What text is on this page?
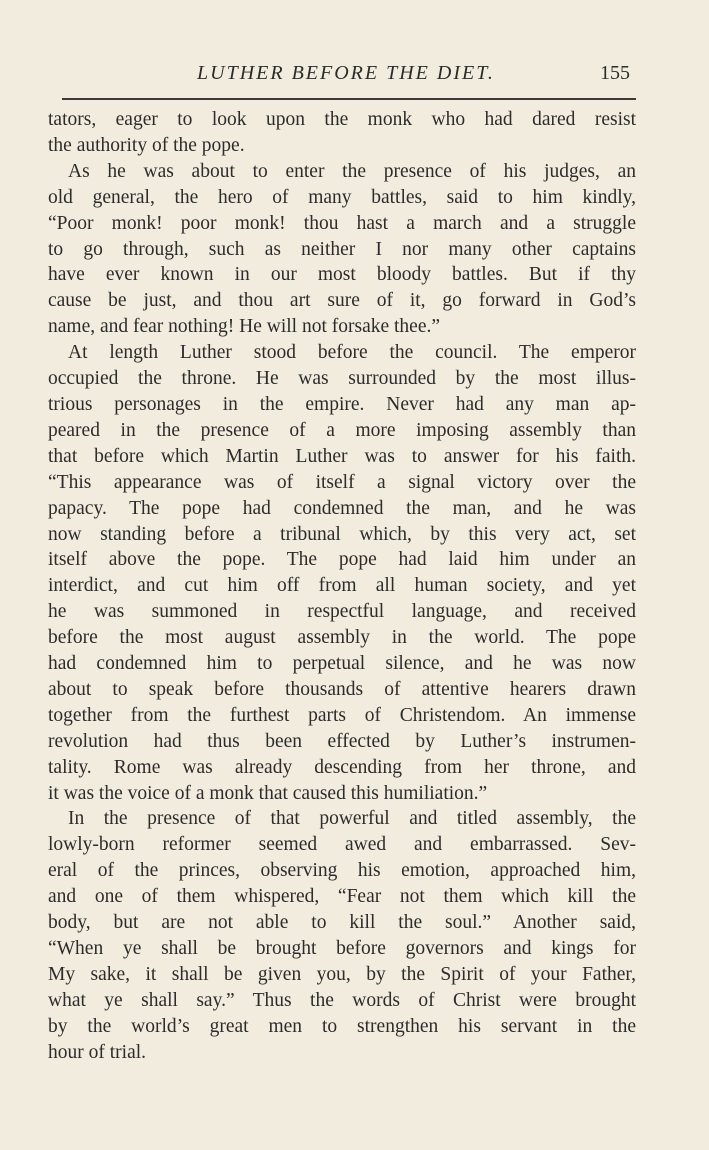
LUTHER BEFORE THE DIET.	155
tators, eager to look upon the monk who had dared resist
the authority of the pope.
As he was about to enter the presence of his judges, an
old general, the hero of many battles, said to him kindly,
“Poor monk! poor monk! thou hast a march and a struggle
to go through, such as neither I nor many other captains
have ever known in our most bloody battles. But if thy
cause be just, and thou art sure of it, go forward in God’s
name, and fear nothing! He will not forsake thee.”
At length Luther stood before the council. The emperor
occupied the throne. He was surrounded by the most illus-
trious personages in the empire. Never had any man ap-
peared in the presence of a more imposing assembly than
that before which Martin Luther was to answer for his faith.
“This appearance was of itself a signal victory over the
papacy. The pope had condemned the man, and he was
now standing before a tribunal which, by this very act, set
itself above the pope. The pope had laid him under an
interdict, and cut him off from all human society, and yet
he was summoned in respectful language, and received
before the most august assembly in the world. The pope
had condemned him to perpetual silence, and he was now
about to speak before thousands of attentive hearers drawn
together from the furthest parts of Christendom. An immense
revolution had thus been effected by Luther’s instrumen-
tality. Rome was already descending from her throne, and
it was the voice of a monk that caused this humiliation.”
In the presence of that powerful and titled assembly, the
lowly-born reformer seemed awed and embarrassed. Sev-
eral of the princes, observing his emotion, approached him,
and one of them whispered, “Fear not them which kill the
body, but are not able to kill the soul.” Another said,
“When ye shall be brought before governors and kings for
My sake, it shall be given you, by the Spirit of your Father,
what ye shall say.” Thus the words of Christ were brought
by the world’s great men to strengthen his servant in the
hour of trial.
